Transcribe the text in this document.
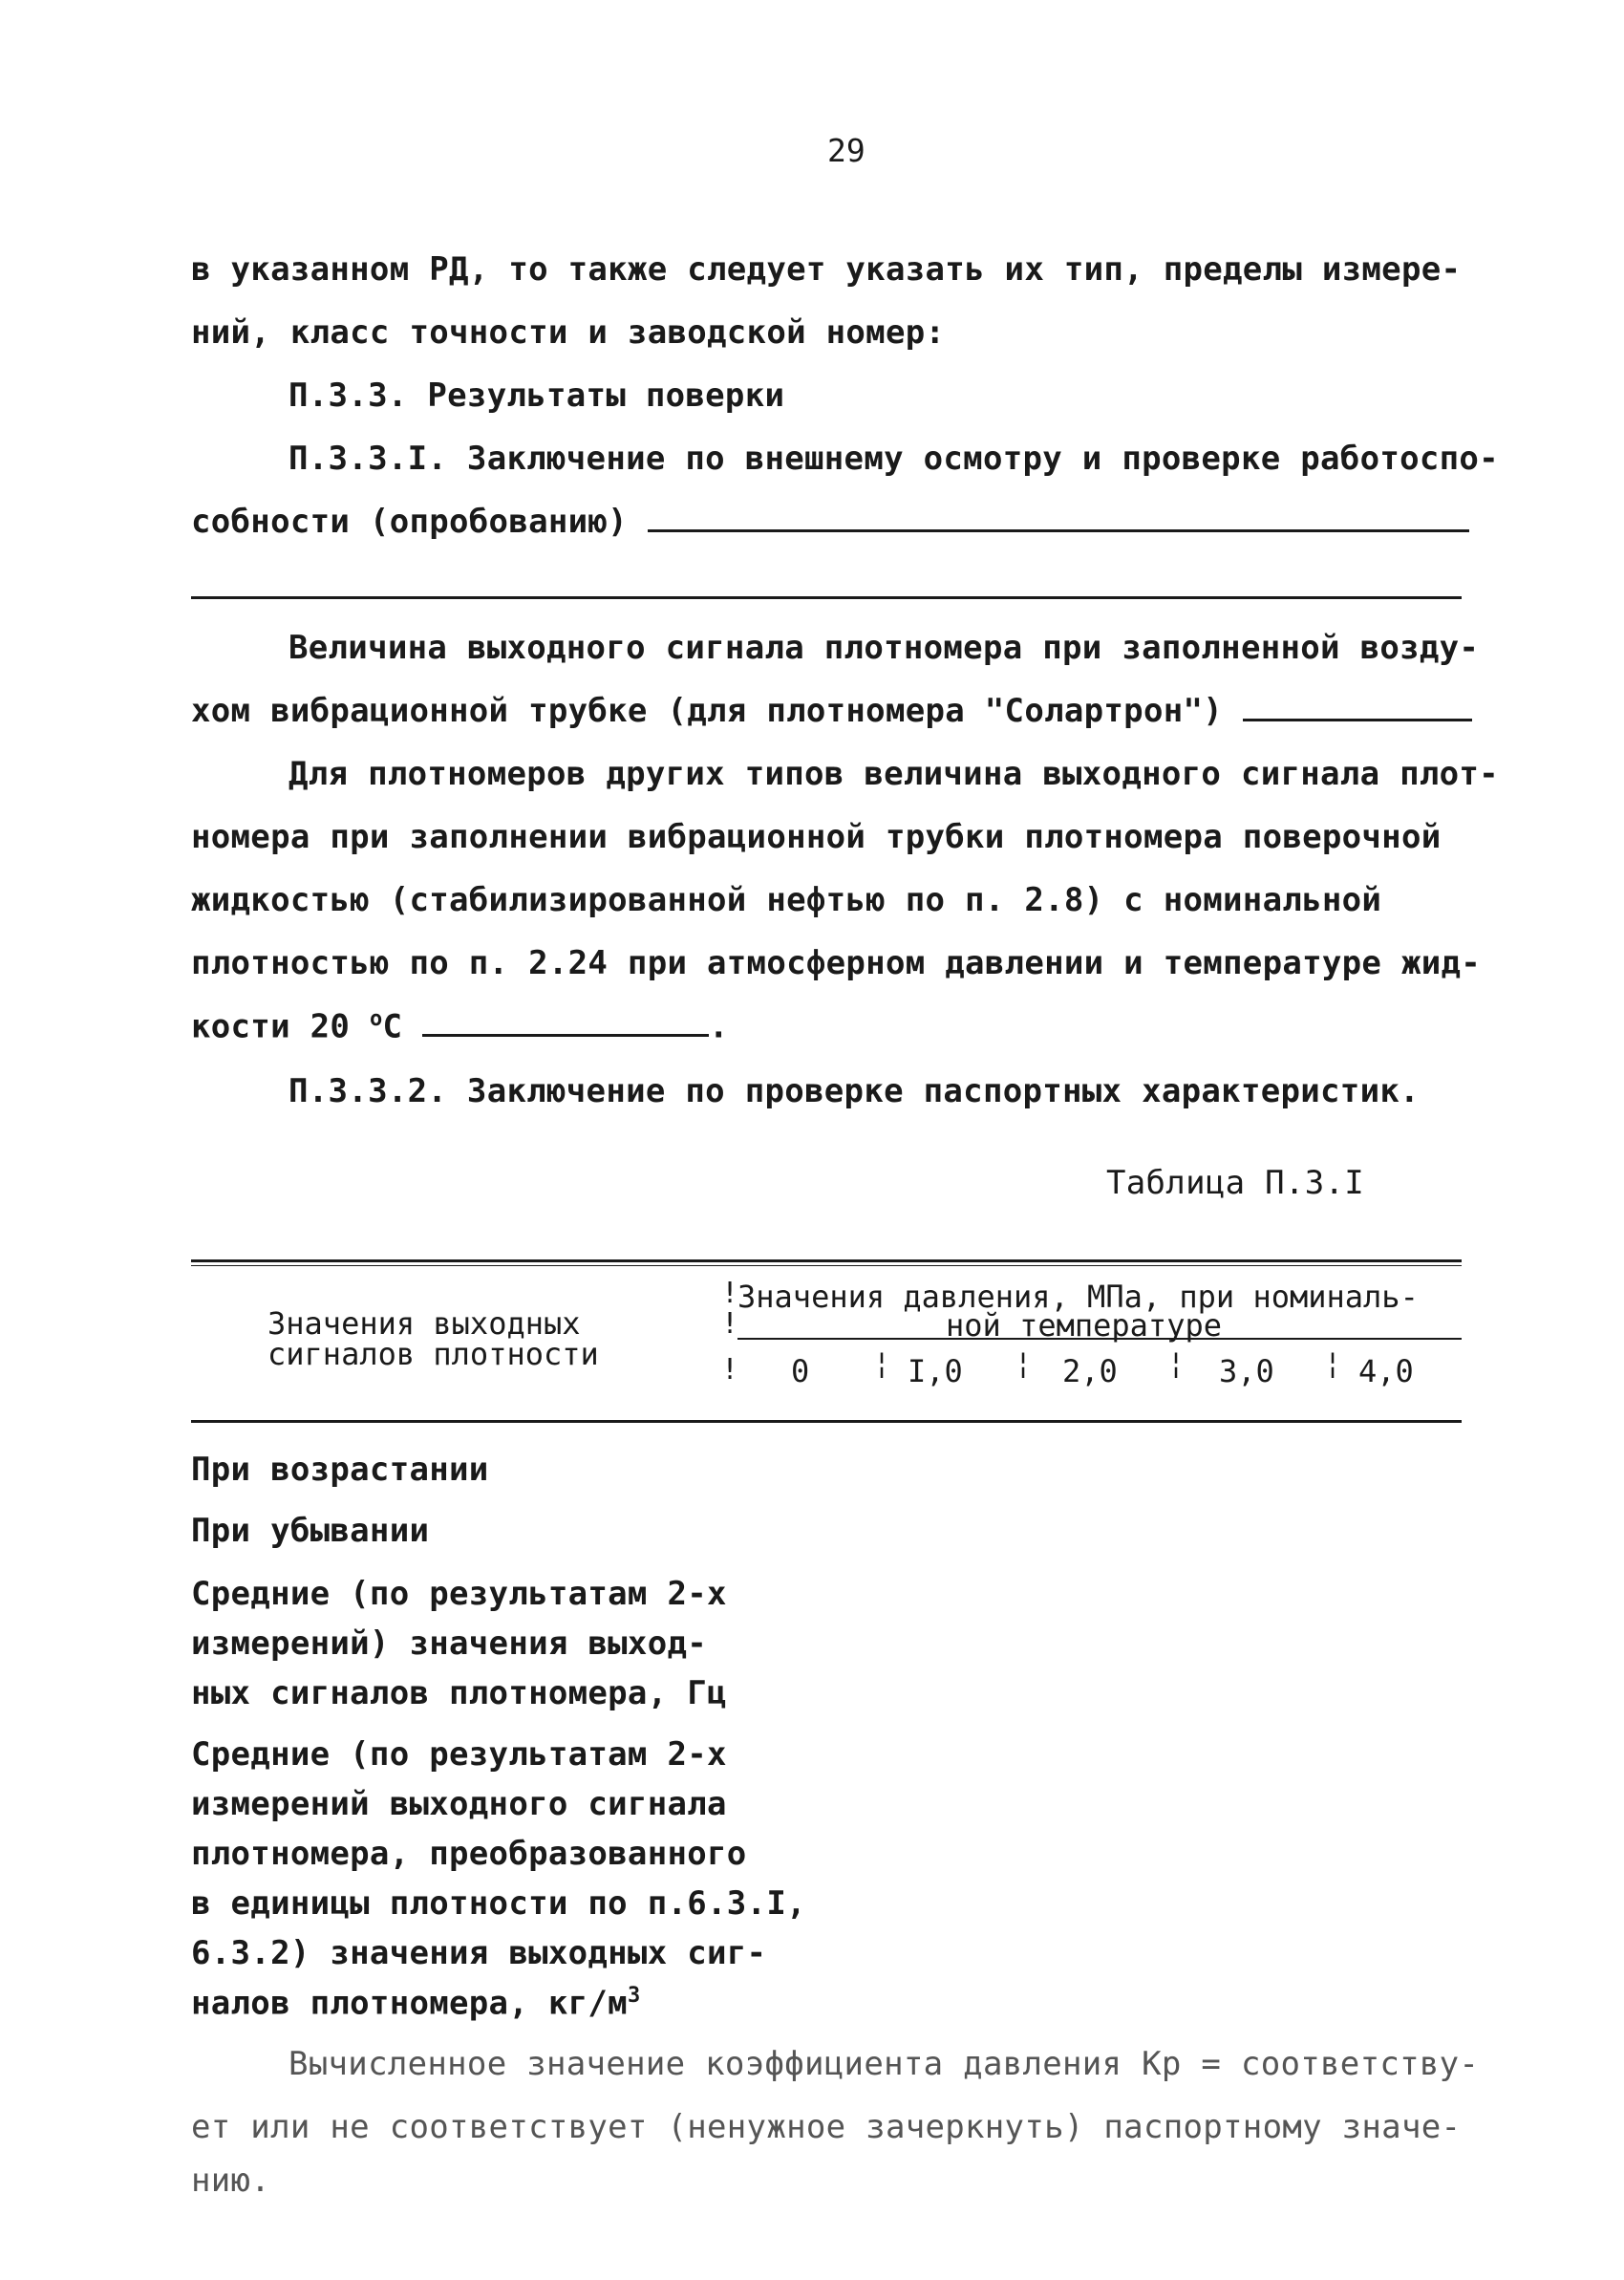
29
в указанном РД, то также следует указать их тип, пределы измере-
ний, класс точности и заводской номер:
П.3.3. Результаты поверки
П.3.3.I. Заключение по внешнему осмотру и проверке работоспо-
собности (опробованию)
Величина выходного сигнала плотномера при заполненной возду-
хом вибрационной трубке (для плотномера "Солартрон")
Для плотномеров других типов величина выходного сигнала плот-
номера при заполнении вибрационной трубки плотномера поверочной
жидкостью (стабилизированной нефтью по п. 2.8) с номинальной
плотностью по п. 2.24 при атмосферном давлении и температуре жид-
кости 20 $^о$С	.
П.3.3.2. Заключение по проверке паспортных характеристик.
Таблица П.3.I
Значения выходных
сигналов плотности
!
!
!
Значения давления, МПа, при номиналь-
ной температуре
0 ¦ I,0 ¦ 2,0 ¦ 3,0 ¦ 4,0
При возрастании
При убывании
Средние (по результатам 2-х
измерений) значения выход-
ных сигналов плотномера, Гц
Средние (по результатам 2-х
измерений выходного сигнала
плотномера, преобразованного
в единицы плотности по п.6.3.I,
6.3.2) значения выходных сиг-
налов плотномера, $кг/м^3$
Вычисленное значение коэффициента давления Кр = соответству-
ет или не соответствует (ненужное зачеркнуть) паспортному значе-
нию.
